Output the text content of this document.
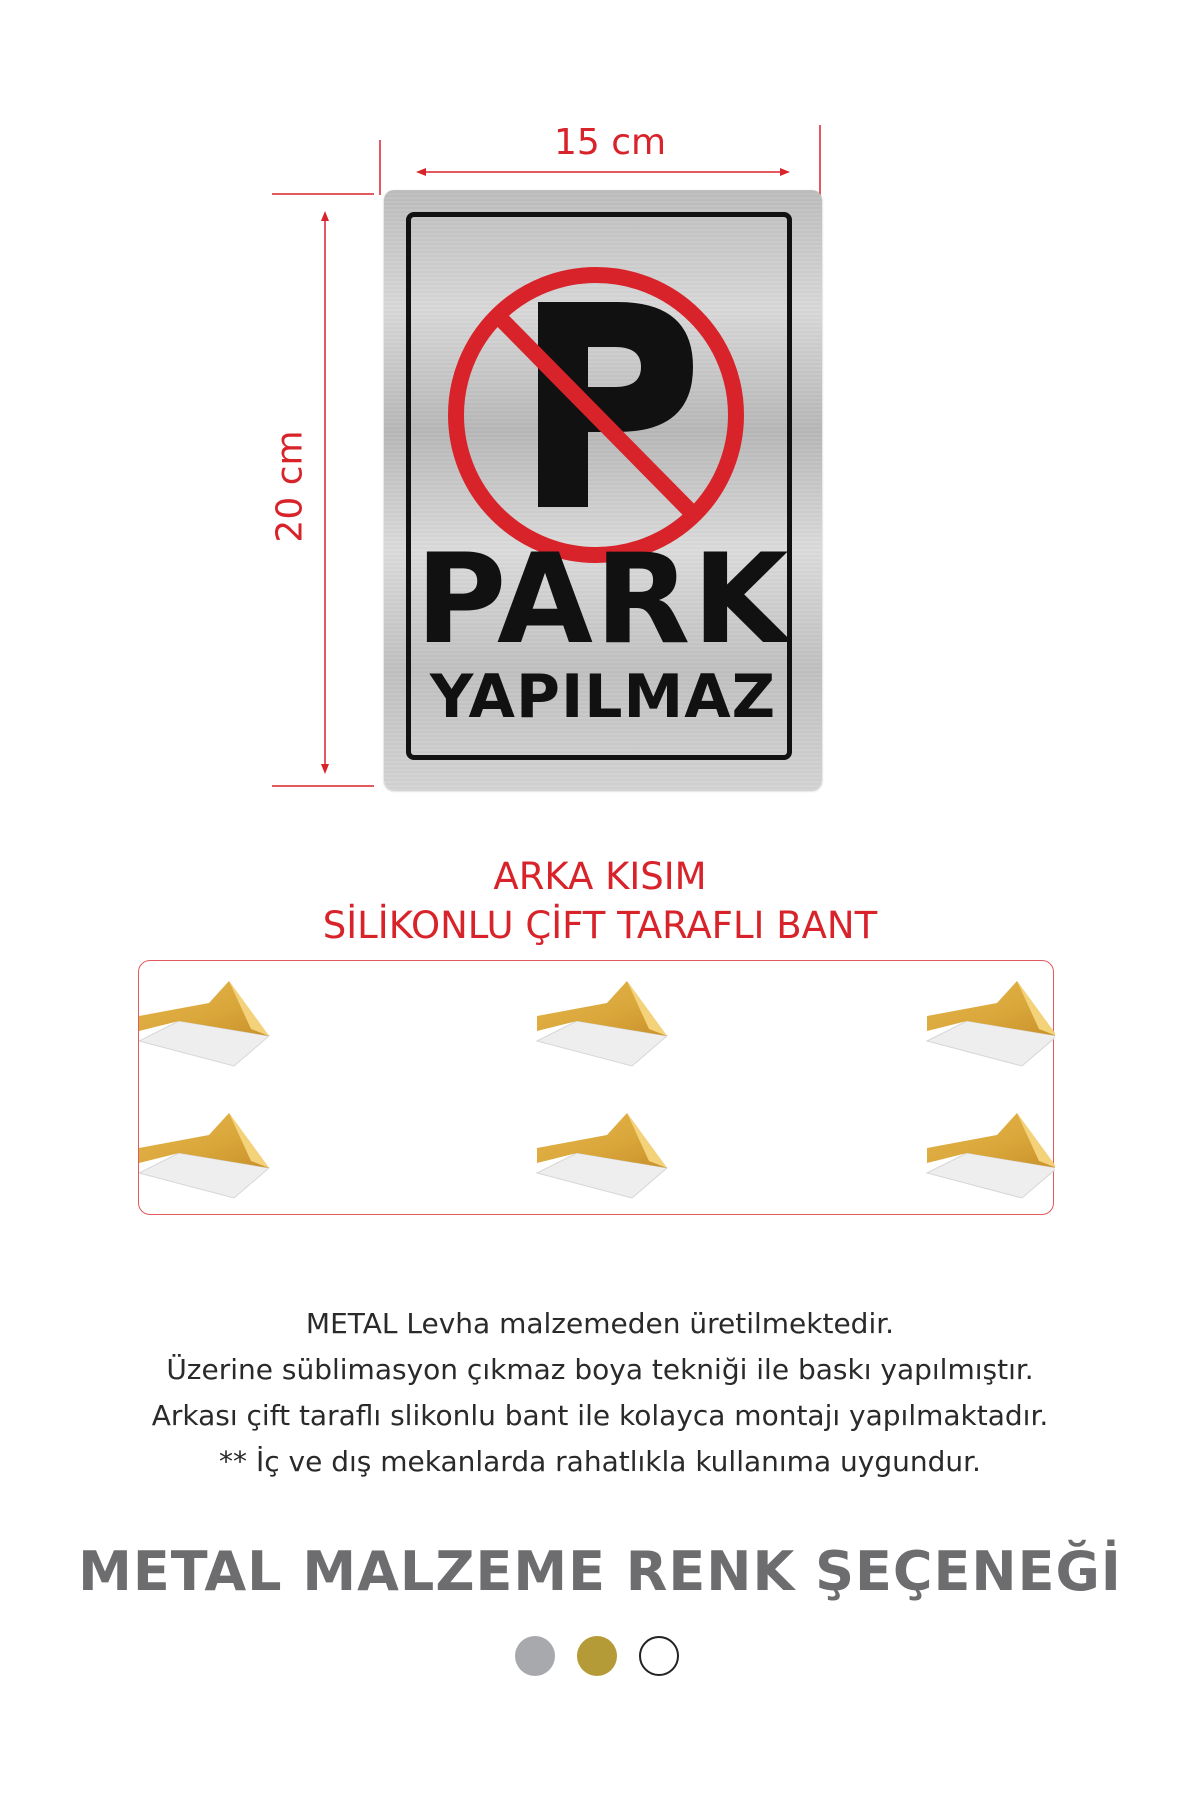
15 cm
20 cm
PARK
YAPILMAZ
ARKA KISIM
SİLİKONLU ÇİFT TARAFLI BANT
METAL Levha malzemeden üretilmektedir.
Üzerine süblimasyon çıkmaz boya tekniği ile baskı yapılmıştır.
Arkası çift taraflı slikonlu bant ile kolayca montajı yapılmaktadır.
** İç ve dış mekanlarda rahatlıkla kullanıma uygundur.
METAL MALZEME RENK ŞEÇENEĞİ
